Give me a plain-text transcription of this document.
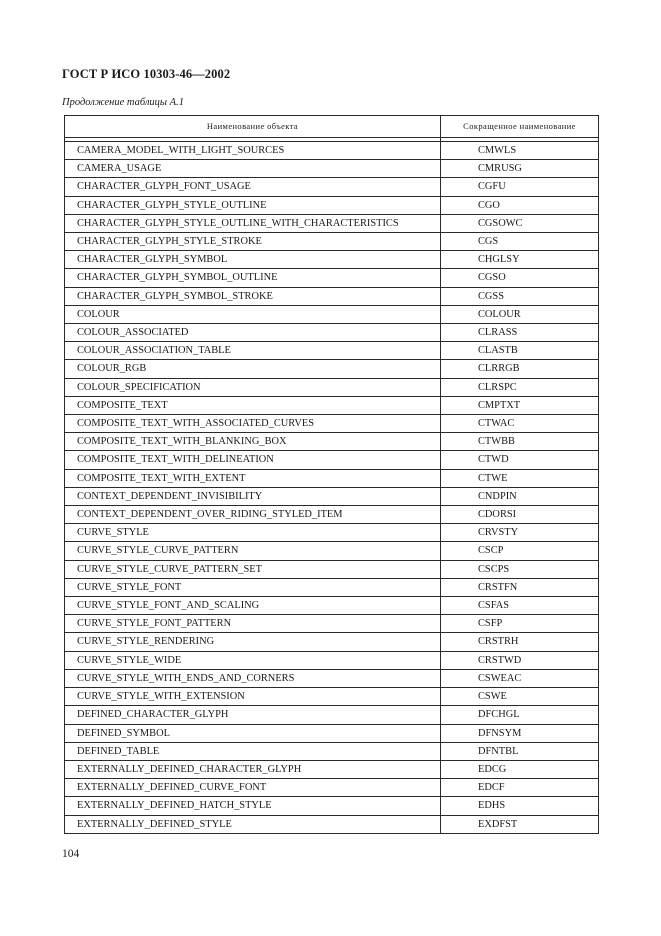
ГОСТ Р ИСО 10303-46—2002
Продолжение таблицы А.1
Наименование объекта	Сокращенное наименование

CAMERA_MODEL_WITH_LIGHT_SOURCES	CMWLS
CAMERA_USAGE	CMRUSG
CHARACTER_GLYPH_FONT_USAGE	CGFU
CHARACTER_GLYPH_STYLE_OUTLINE	CGO
CHARACTER_GLYPH_STYLE_OUTLINE_WITH_CHARACTERISTICS	CGSOWC
CHARACTER_GLYPH_STYLE_STROKE	CGS
CHARACTER_GLYPH_SYMBOL	CHGLSY
CHARACTER_GLYPH_SYMBOL_OUTLINE	CGSO
CHARACTER_GLYPH_SYMBOL_STROKE	CGSS
COLOUR	COLOUR
COLOUR_ASSOCIATED	CLRASS
COLOUR_ASSOCIATION_TABLE	CLASTB
COLOUR_RGB	CLRRGB
COLOUR_SPECIFICATION	CLRSPC
COMPOSITE_TEXT	CMPTXT
COMPOSITE_TEXT_WITH_ASSOCIATED_CURVES	CTWAC
COMPOSITE_TEXT_WITH_BLANKING_BOX	CTWBB
COMPOSITE_TEXT_WITH_DELINEATION	CTWD
COMPOSITE_TEXT_WITH_EXTENT	CTWE
CONTEXT_DEPENDENT_INVISIBILITY	CNDPIN
CONTEXT_DEPENDENT_OVER_RIDING_STYLED_ITEM	CDORSI
CURVE_STYLE	CRVSTY
CURVE_STYLE_CURVE_PATTERN	CSCP
CURVE_STYLE_CURVE_PATTERN_SET	CSCPS
CURVE_STYLE_FONT	CRSTFN
CURVE_STYLE_FONT_AND_SCALING	CSFAS
CURVE_STYLE_FONT_PATTERN	CSFP
CURVE_STYLE_RENDERING	CRSTRH
CURVE_STYLE_WIDE	CRSTWD
CURVE_STYLE_WITH_ENDS_AND_CORNERS	CSWEAC
CURVE_STYLE_WITH_EXTENSION	CSWE
DEFINED_CHARACTER_GLYPH	DFCHGL
DEFINED_SYMBOL	DFNSYM
DEFINED_TABLE	DFNTBL
EXTERNALLY_DEFINED_CHARACTER_GLYPH	EDCG
EXTERNALLY_DEFINED_CURVE_FONT	EDCF
EXTERNALLY_DEFINED_HATCH_STYLE	EDHS
EXTERNALLY_DEFINED_STYLE	EXDFST
104
